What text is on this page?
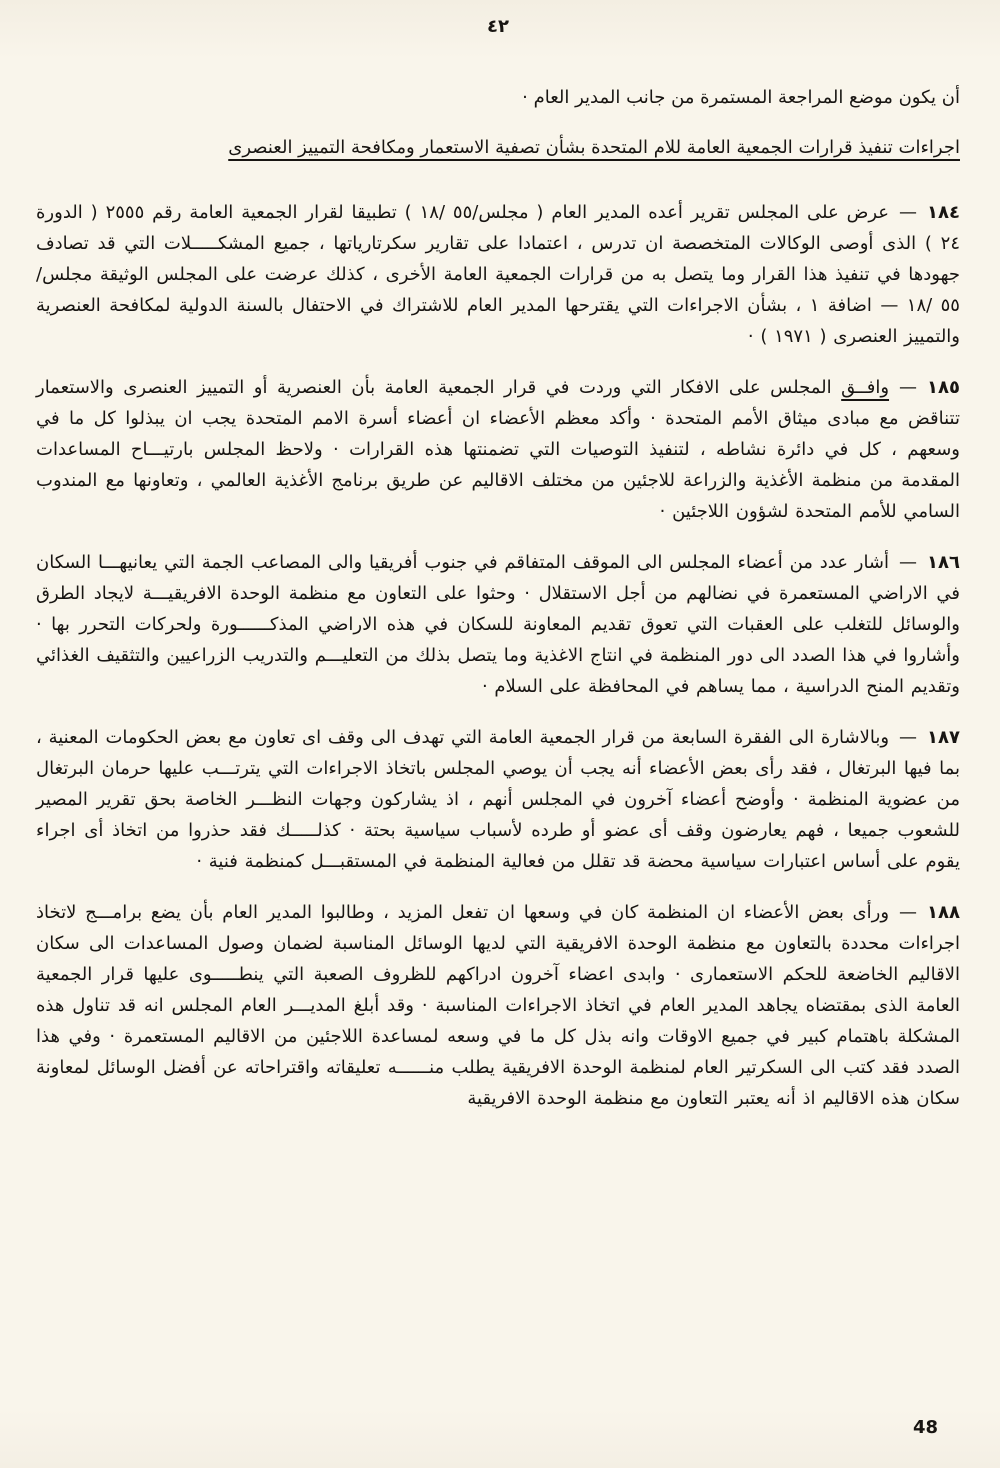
٤٢

أن يكون موضع المراجعة المستمرة من جانب المدير العام ·

اجراءات تنفيذ قرارات الجمعية العامة للام المتحدة بشأن تصفية الاستعمار ومكافحة التمييز العنصرى

١٨٤—عرض على المجلس تقرير أعده المدير العام ( مجلس/٥٥ /١٨ ) تطبيقا لقرار الجمعية العامة رقم ٢٥٥٥ ( الدورة ٢٤ ) الذى أوصى الوكالات المتخصصة ان تدرس ، اعتمادا على تقارير سكرتارياتها ، جميع المشكـــــلات التي قد تصادف جهودها في تنفيذ هذا القرار وما يتصل به من قرارات الجمعية العامة الأخرى ، كذلك عرضت على المجلس الوثيقة مجلس/٥٥ /١٨ — اضافة ١ ، بشأن الاجراءات التي يقترحها المدير العام للاشتراك في الاحتفال بالسنة الدولية لمكافحة العنصرية والتمييز العنصرى ( ١٩٧١ ) ·

١٨٥—وافــق المجلس على الافكار التي وردت في قرار الجمعية العامة بأن العنصرية أو التمييز العنصرى والاستعمار تتناقض مع مبادى ميثاق الأمم المتحدة · وأكد معظم الأعضاء ان أعضاء أسرة الامم المتحدة يجب ان يبذلوا كل ما في وسعهم ، كل في دائرة نشاطه ، لتنفيذ التوصيات التي تضمنتها هذه القرارات · ولاحظ المجلس بارتيـــاح المساعدات المقدمة من منظمة الأغذية والزراعة للاجئين من مختلف الاقاليم عن طريق برنامج الأغذية العالمي ، وتعاونها مع المندوب السامي للأمم المتحدة لشؤون اللاجئين ·

١٨٦—أشار عدد من أعضاء المجلس الى الموقف المتفاقم في جنوب أفريقيا والى المصاعب الجمة التي يعانيهـــا السكان في الاراضي المستعمرة في نضالهم من أجل الاستقلال · وحثوا على التعاون مع منظمة الوحدة الافريقيـــة لايجاد الطرق والوسائل للتغلب على العقبات التي تعوق تقديم المعاونة للسكان في هذه الاراضي المذكــــــورة ولحركات التحرر بها · وأشاروا في هذا الصدد الى دور المنظمة في انتاج الاغذية وما يتصل بذلك من التعليـــم والتدريب الزراعيين والتثقيف الغذائي وتقديم المنح الدراسية ، مما يساهم في المحافظة على السلام ·

١٨٧—وبالاشارة الى الفقرة السابعة من قرار الجمعية العامة التي تهدف الى وقف اى تعاون مع بعض الحكومات المعنية ، بما فيها البرتغال ، فقد رأى بعض الأعضاء أنه يجب أن يوصي المجلس باتخاذ الاجراءات التي يترتـــب عليها حرمان البرتغال من عضوية المنظمة · وأوضح أعضاء آخرون في المجلس أنهم ، اذ يشاركون وجهات النظـــر الخاصة بحق تقرير المصير للشعوب جميعا ، فهم يعارضون وقف أى عضو أو طرده لأسباب سياسية بحتة · كذلـــــك فقد حذروا من اتخاذ أى اجراء يقوم على أساس اعتبارات سياسية محضة قد تقلل من فعالية المنظمة في المستقبـــل كمنظمة فنية ·

١٨٨—ورأى بعض الأعضاء ان المنظمة كان في وسعها ان تفعل المزيد ، وطالبوا المدير العام بأن يضع برامـــج لاتخاذ اجراءات محددة بالتعاون مع منظمة الوحدة الافريقية التي لديها الوسائل المناسبة لضمان وصول المساعدات الى سكان الاقاليم الخاضعة للحكم الاستعمارى · وابدى اعضاء آخرون ادراكهم للظروف الصعبة التي ينطـــــوى عليها قرار الجمعية العامة الذى بمقتضاه يجاهد المدير العام في اتخاذ الاجراءات المناسبة · وقد أبلغ المديـــر العام المجلس انه قد تناول هذه المشكلة باهتمام كبير في جميع الاوقات وانه بذل كل ما في وسعه لمساعدة اللاجئين من الاقاليم المستعمرة · وفي هذا الصدد فقد كتب الى السكرتير العام لمنظمة الوحدة الافريقية يطلب منــــــه تعليقاته واقتراحاته عن أفضل الوسائل لمعاونة سكان هذه الاقاليم اذ أنه يعتبر التعاون مع منظمة الوحدة الافريقية

48
